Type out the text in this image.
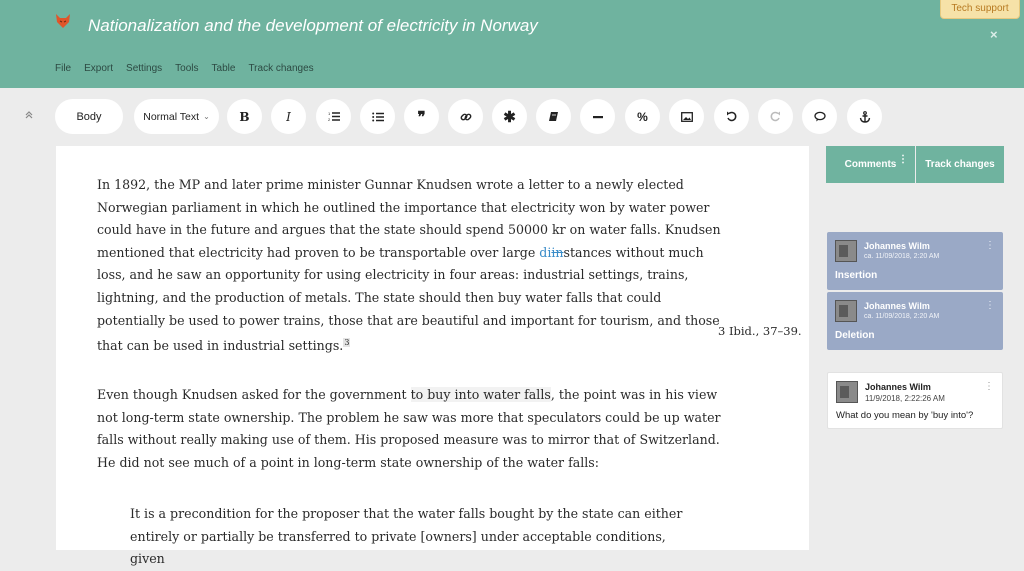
Nationalization and the development of electricity in Norway
Tech support
×
File Export Settings Tools Table Track changes
Body	Normal Text ⌄ B	I	1
2	❞	✱	%
In 1892, the MP and later prime minister Gunnar Knudsen wrote a letter to a newly elected Norwegian parliament in which he outlined the importance that electricity won by water power could have in the future and argues that the state should spend 50000 kr on water falls. Knudsen mentioned that electricity had proven to be transportable over large diinstances without much loss, and he saw an opportunity for using electricity in four areas: industrial settings, trains, lightning, and the production of metals. The state should then buy water falls that could potentially be used to power trains, those that are beautiful and important for tourism, and those that can be used in industrial settings.$^3$
3 Ibid., 37–39.
Even though Knudsen asked for the government to buy into water falls, the point was in his view not long-term state ownership. The problem he saw was more that speculators could be up water falls without really making use of them. His proposed measure was to mirror that of Switzerland. He did not see much of a point in long-term state ownership of the water falls:
It is a precondition for the proposer that the water falls bought by the state can either entirely or partially be transferred to private [owners] under acceptable conditions, given
Comments ⋮ Track changes
Johannes Wilm
ca. 11/09/2018, 2:20 AM
Insertion
⋮
Johannes Wilm
ca. 11/09/2018, 2:20 AM
Deletion
⋮
Johannes Wilm
11/9/2018, 2:22:26 AM
What do you mean by 'buy into'?
⋮
